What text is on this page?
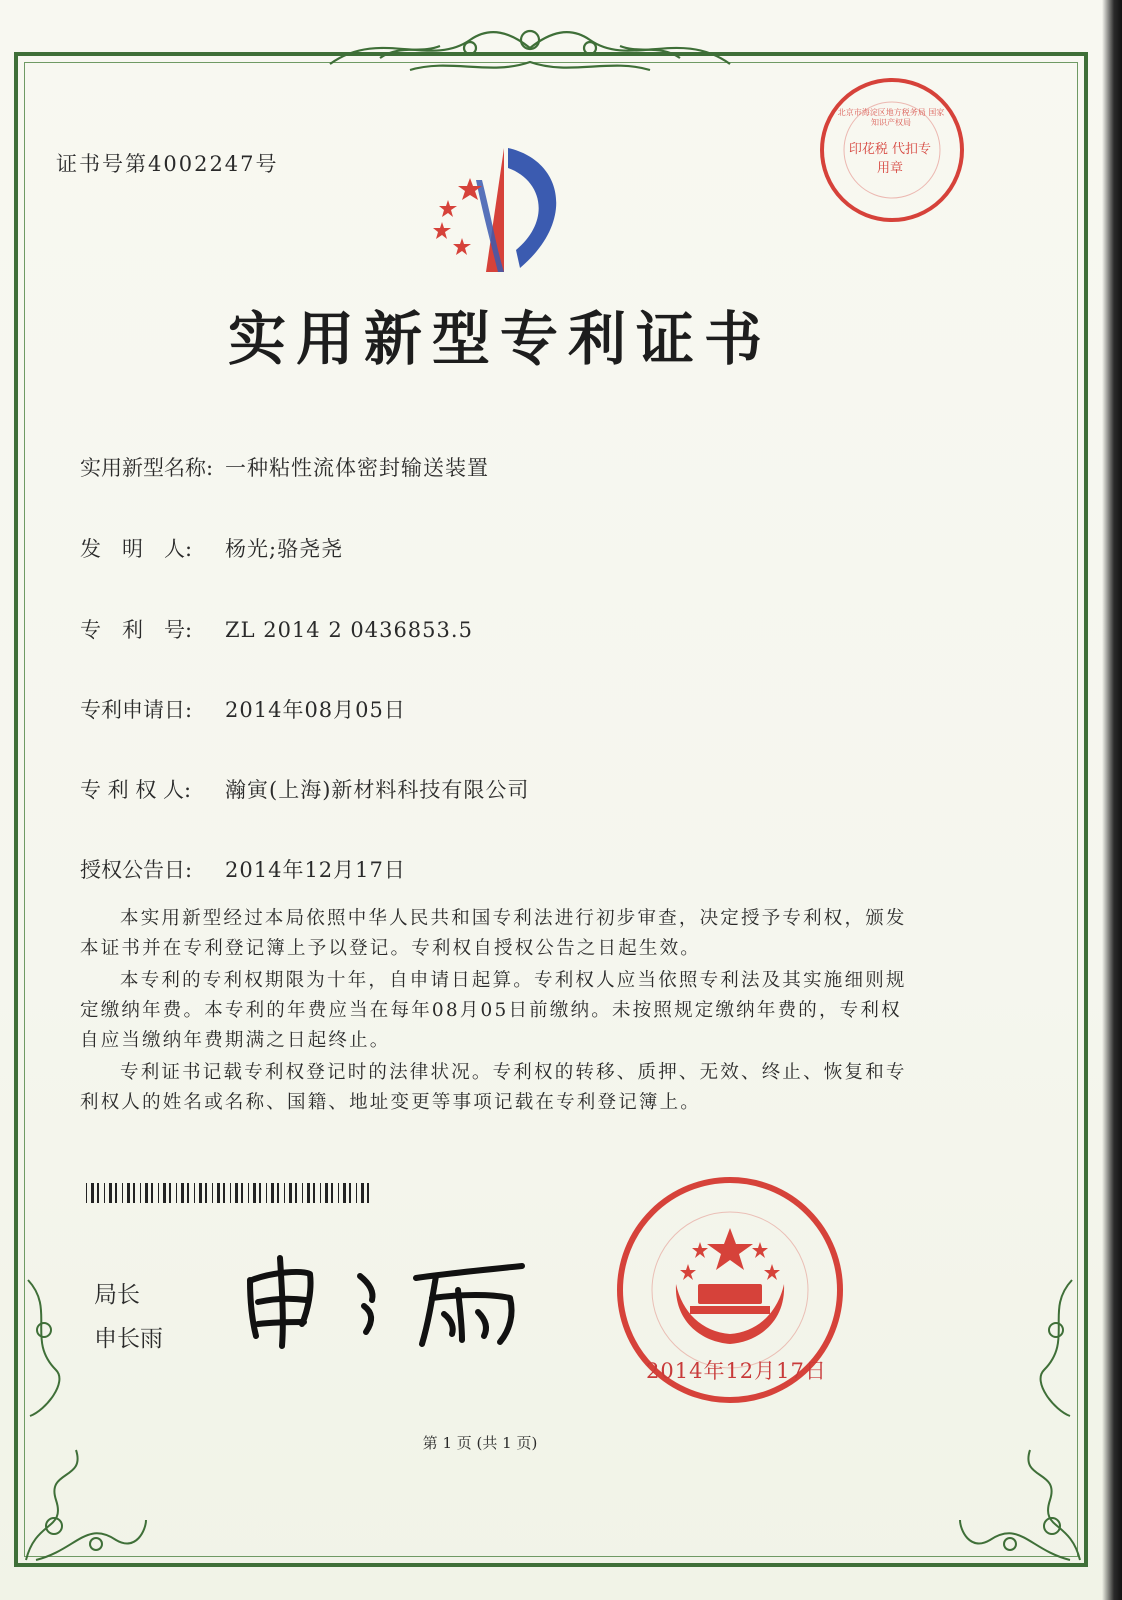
证书号第4002247号
印花税 代扣专用章
北京市海淀区地方税务局 国家知识产权局
实用新型专利证书
实用新型名称: 一种粘性流体密封输送装置
发　明　人: 杨光;骆尧尧
专　利　号: ZL 2014 2 0436853.5
专利申请日: 2014年08月05日
专 利 权 人: 瀚寅(上海)新材料科技有限公司
授权公告日: 2014年12月17日

本实用新型经过本局依照中华人民共和国专利法进行初步审查，决定授予专利权，颁发本证书并在专利登记簿上予以登记。专利权自授权公告之日起生效。

本专利的专利权期限为十年，自申请日起算。专利权人应当依照专利法及其实施细则规定缴纳年费。本专利的年费应当在每年08月05日前缴纳。未按照规定缴纳年费的，专利权自应当缴纳年费期满之日起终止。

专利证书记载专利权登记时的法律状况。专利权的转移、质押、无效、终止、恢复和专利权人的姓名或名称、国籍、地址变更等事项记载在专利登记簿上。

局长
申长雨
2014年12月17日
第 1 页 (共 1 页)
